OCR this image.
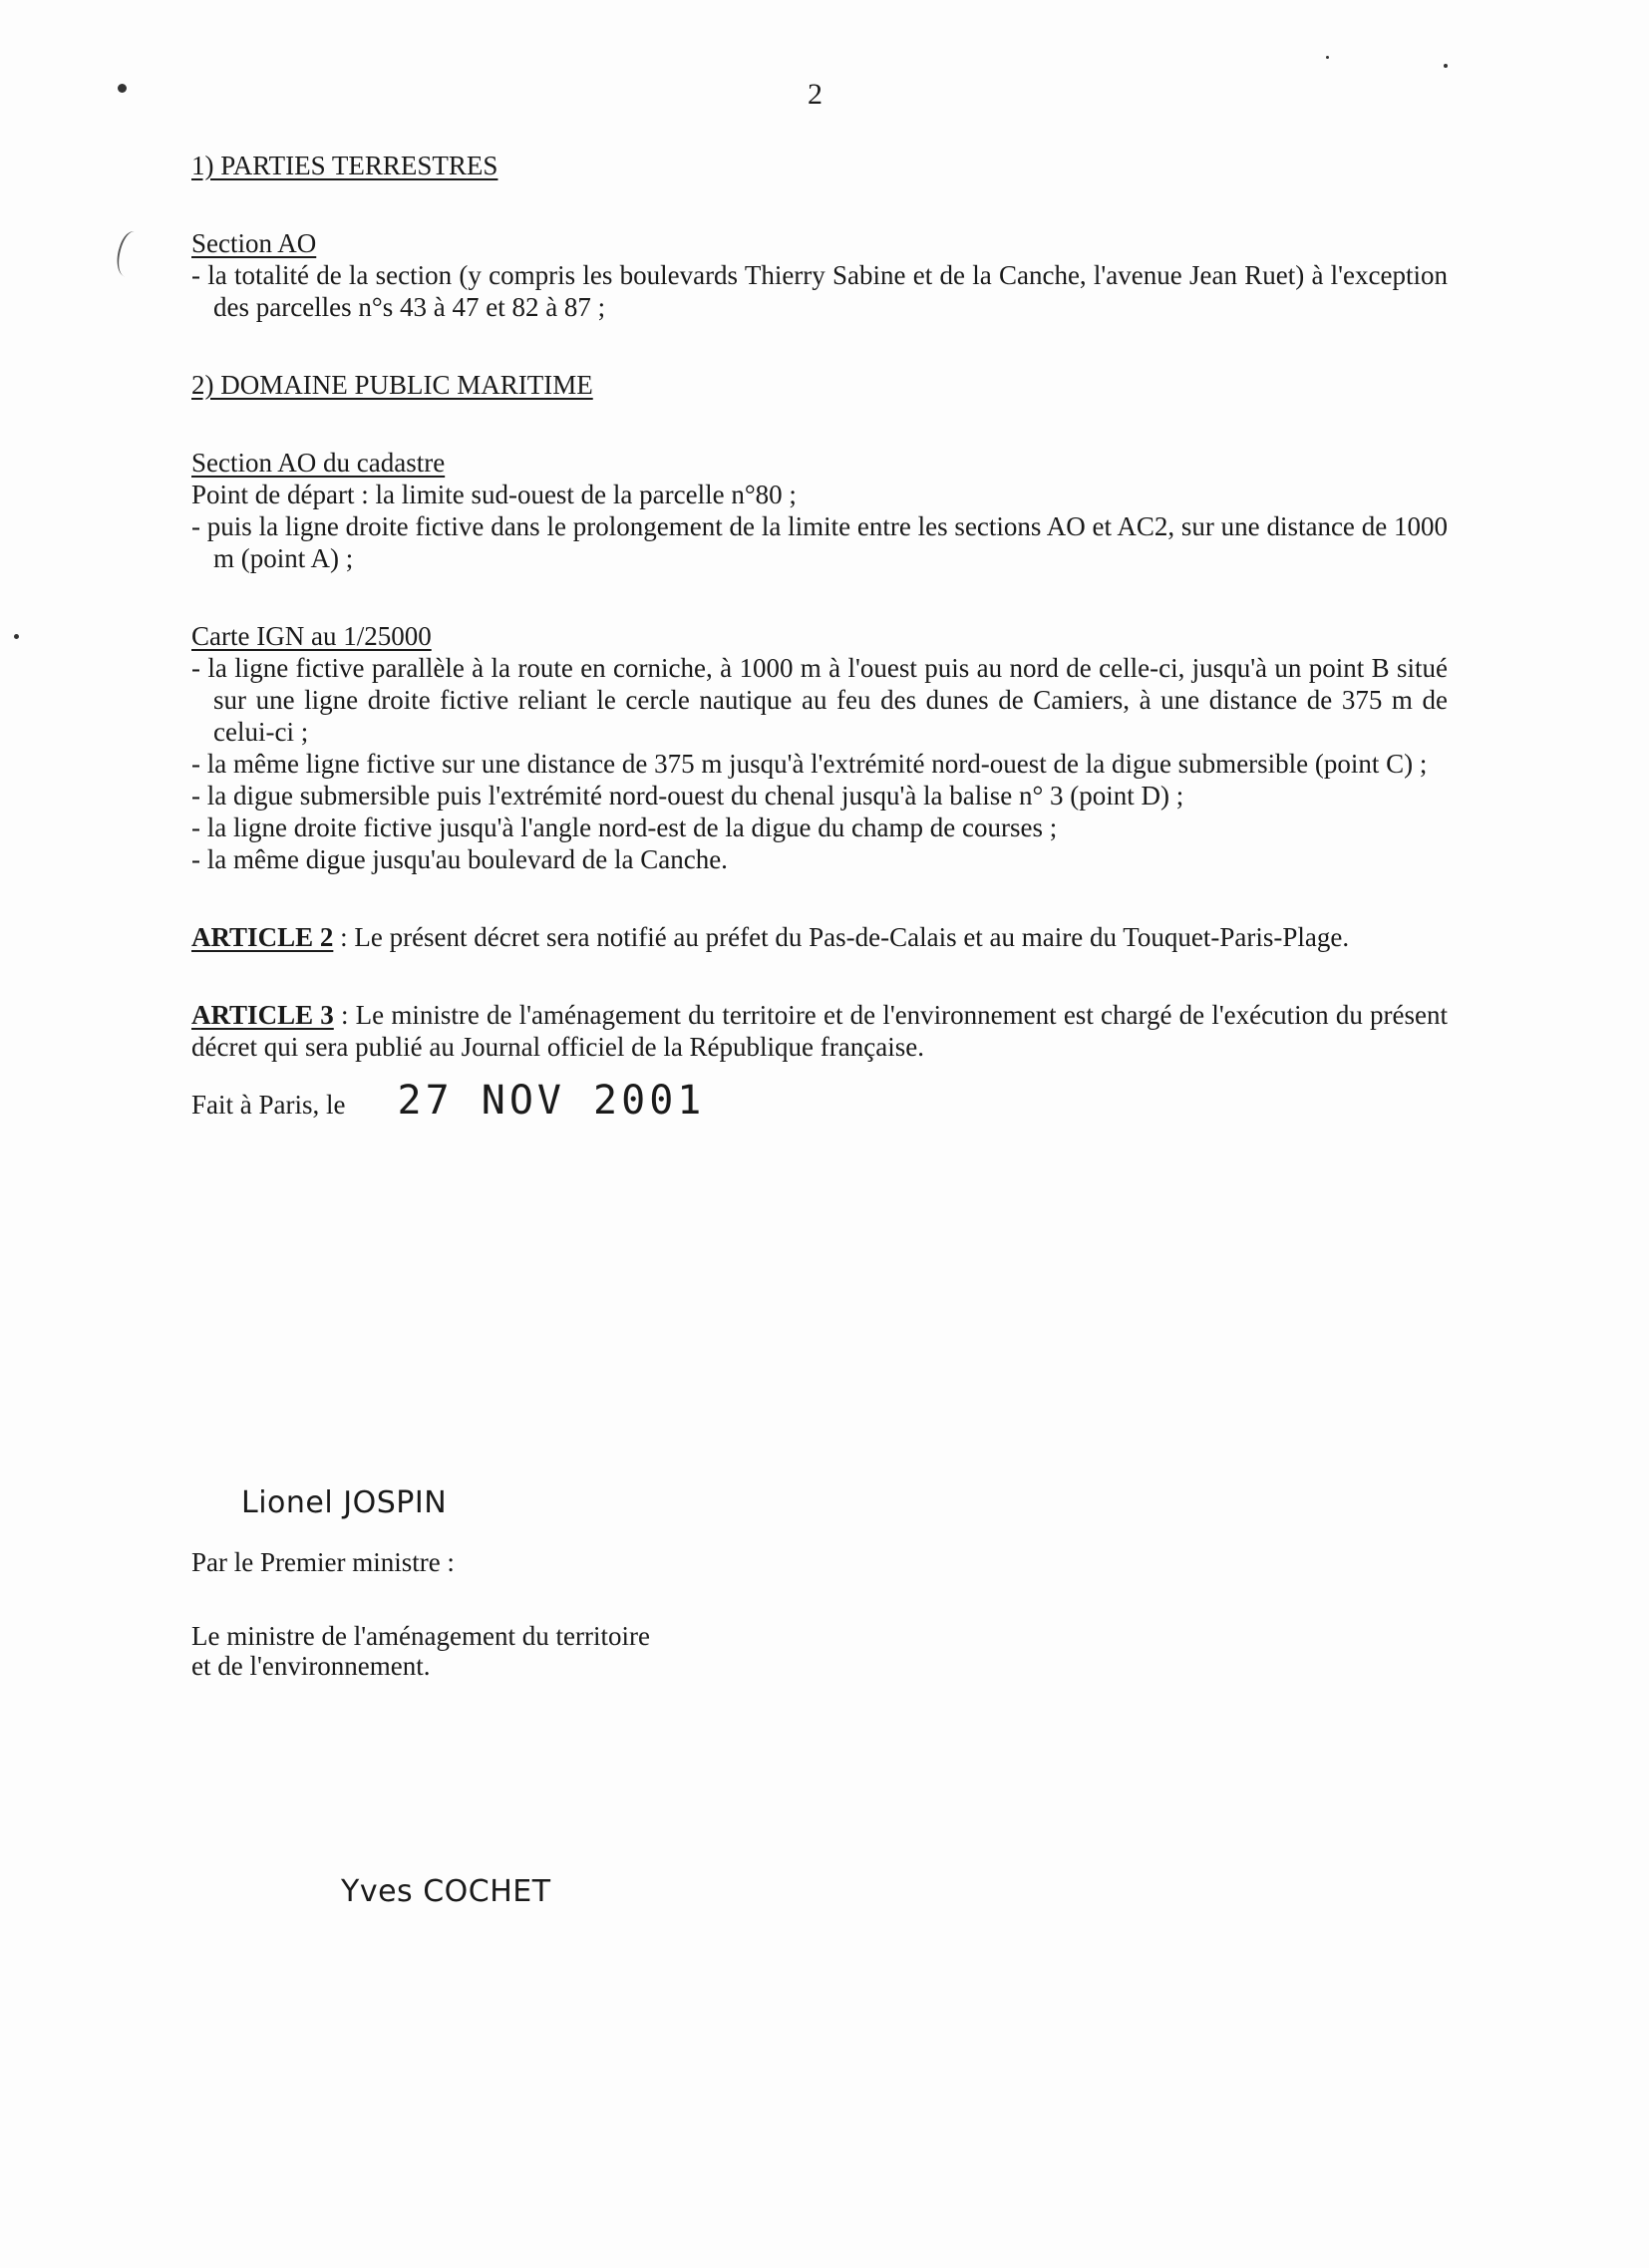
2

1) PARTIES TERRESTRES

Section AO

- la totalité de la section (y compris les boulevards Thierry Sabine et de la Canche, l'avenue Jean Ruet) à l'exception des parcelles n°s 43 à 47 et 82 à 87 ;

2) DOMAINE PUBLIC MARITIME

Section AO du cadastre

Point de départ : la limite sud-ouest de la parcelle n°80 ;

- puis la ligne droite fictive dans le prolongement de la limite entre les sections AO et AC2, sur une distance de 1000 m (point A) ;

Carte IGN au 1/25000

- la ligne fictive parallèle à la route en corniche, à 1000 m à l'ouest puis au nord de celle-ci, jusqu'à un point B situé sur une ligne droite fictive reliant le cercle nautique au feu des dunes de Camiers, à une distance de 375 m de celui-ci ;

- la même ligne fictive sur une distance de 375 m jusqu'à l'extrémité nord-ouest de la digue submersible (point C) ;

- la digue submersible puis l'extrémité nord-ouest du chenal jusqu'à la balise n° 3 (point D) ;

- la ligne droite fictive jusqu'à l'angle nord-est de la digue du champ de courses ;

- la même digue jusqu'au boulevard de la Canche.

ARTICLE 2 : Le présent décret sera notifié au préfet du Pas-de-Calais et au maire du Touquet-Paris-Plage.

ARTICLE 3 : Le ministre de l'aménagement du territoire et de l'environnement est chargé de l'exécution du présent décret qui sera publié au Journal officiel de la République française.

Fait à Paris, le 27 NOV 2001
Lionel JOSPIN
Par le Premier ministre :
Le ministre de l'aménagement du territoire
et de l'environnement.
Yves COCHET
